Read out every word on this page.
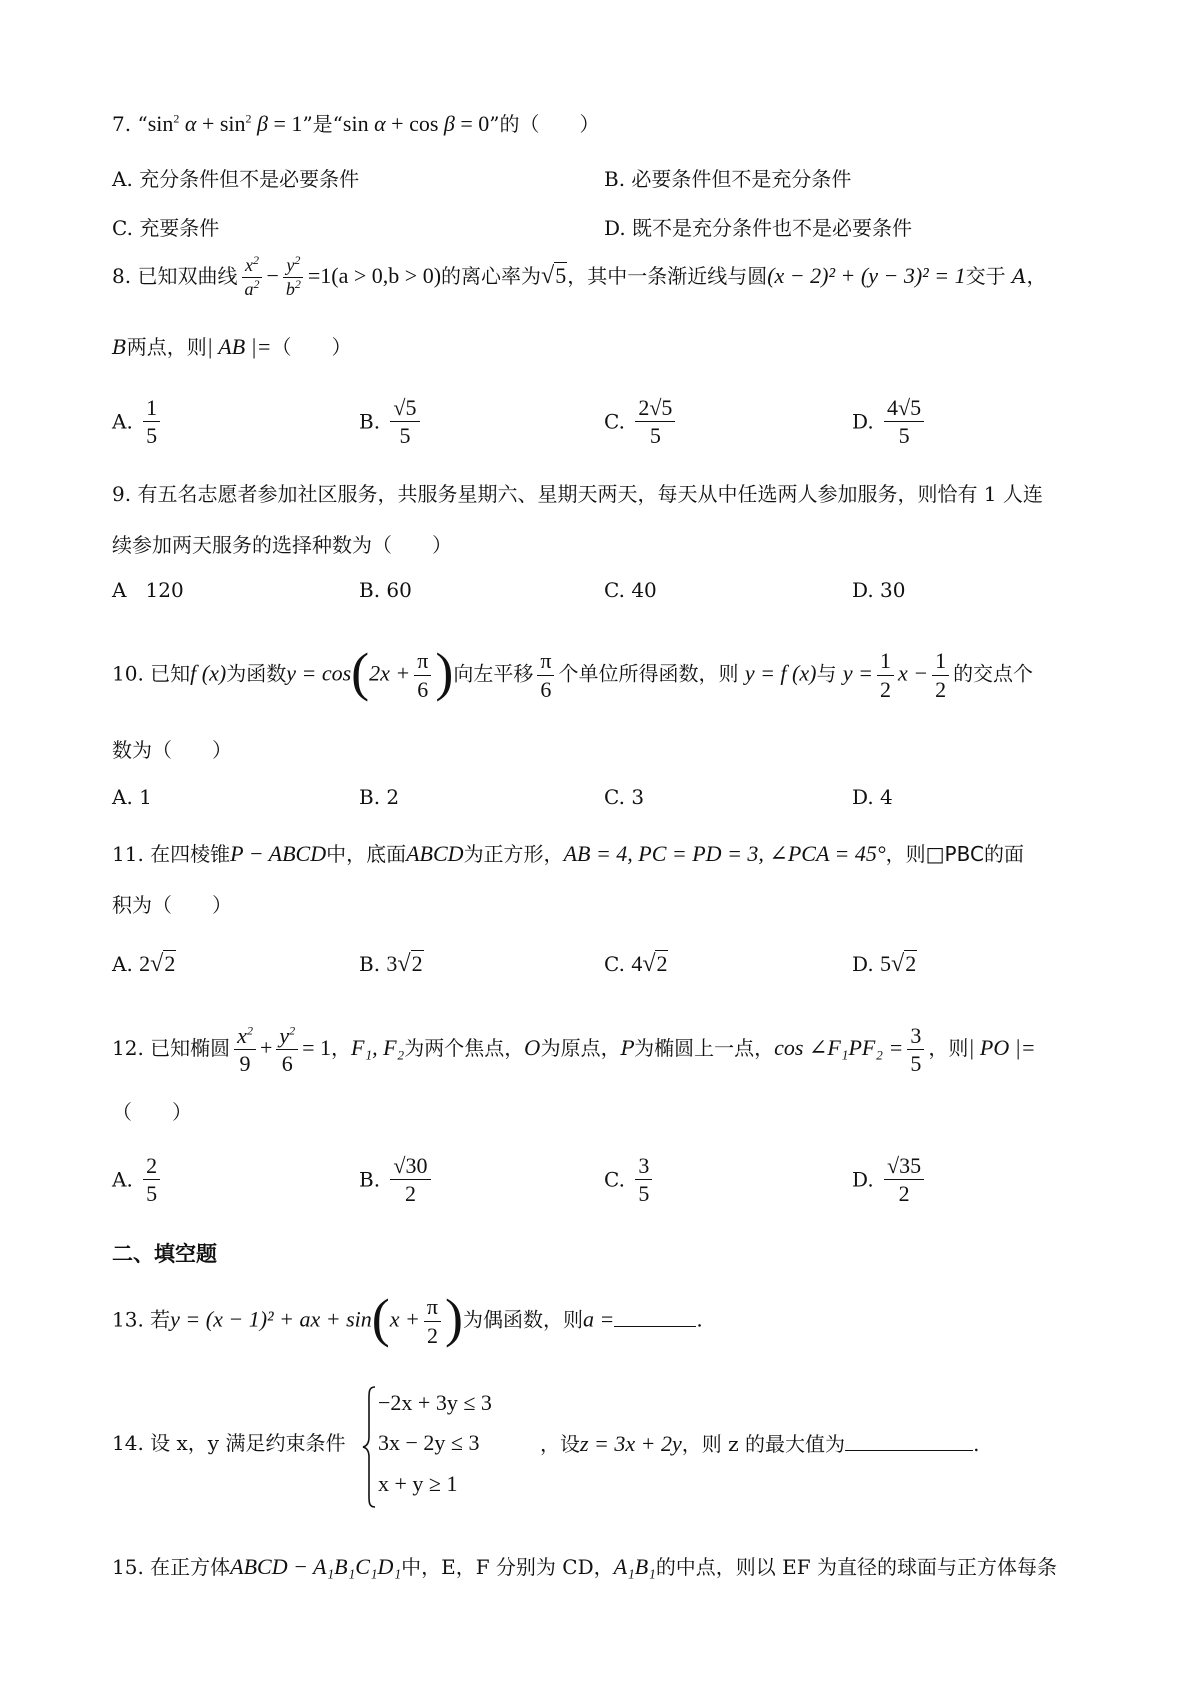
7. “$\sin^2$ $\alpha + \sin^2 \beta = 1$”是“sin α + cos β = 0”的（　　）
A. 充分条件但不是必要条件	B. 必要条件但不是充分条件
C. 充要条件	D. 既不是充分条件也不是必要条件
8. 已知双曲线 $\frac{x^2}{a^2} - \frac{y^2}{b^2} =1(a > 0,b > 0)$的离心率为√5，其中一条渐近线与圆(x − 2)² + (y − 3)² = 1交于 A，
B两点，则| AB |=（　　）
A. $\frac{1}{5}$	B. $\frac{√5}{5}$	C. $\frac{2√5}{5}$	D. $\frac{4√5}{5}$
9. 有五名志愿者参加社区服务，共服务星期六、星期天两天，每天从中任选两人参加服务，则恰有 1 人连
续参加两天服务的选择种数为（　　）
A 120	B. 60	C. 40	D. 30
10. 已知f (x)为函数$y = \cos(2x + \frac{\pi}{6}$ )向左平移 $\frac{\pi}{6}$ 个单位所得函数，则 y = f (x)与 $y = \frac{1}{2}$ $x - \frac{1}{2}$ 的交点个
数为（　　）
A. 1	B. 2	C. 3	D. 4
11. 在四棱锥P − ABCD中，底面ABCD为正方形，AB = 4, PC = PD = 3, ∠PCA = 45°，则□PBC的面
积为（　　）
A. 2√2	B. 3√2	C. 4√2	D. 5√2
12. 已知椭圆 $\frac{x^2}{9} + \frac{y^2}{6} = 1$，F₁, F₂为两个焦点，O为原点，P为椭圆上一点，cos ∠F₁PF₂ = $\frac{3}{5}$ ，则| PO |=
（　　）
A. $\frac{2}{5}$	B. $\frac{√30}{2}$	C. $\frac{3}{5}$	D. $\frac{√35}{2}$
二、填空题
13. 若y = (x − 1)² + ax + $\sin(x + \frac{\pi}{2}$ )为偶函数，则a =	.
14. 设 x，y 满足约束条件
−2x + 3y ≤ 3
3x − 2y ≤ 3
x + y ≥ 1
，设z = 3x + 2y，则 z 的最大值为	.
15. 在正方体ABCD − A₁B₁C₁D₁中，E，F 分别为 CD，A₁B₁的中点，则以 EF 为直径的球面与正方体每条
